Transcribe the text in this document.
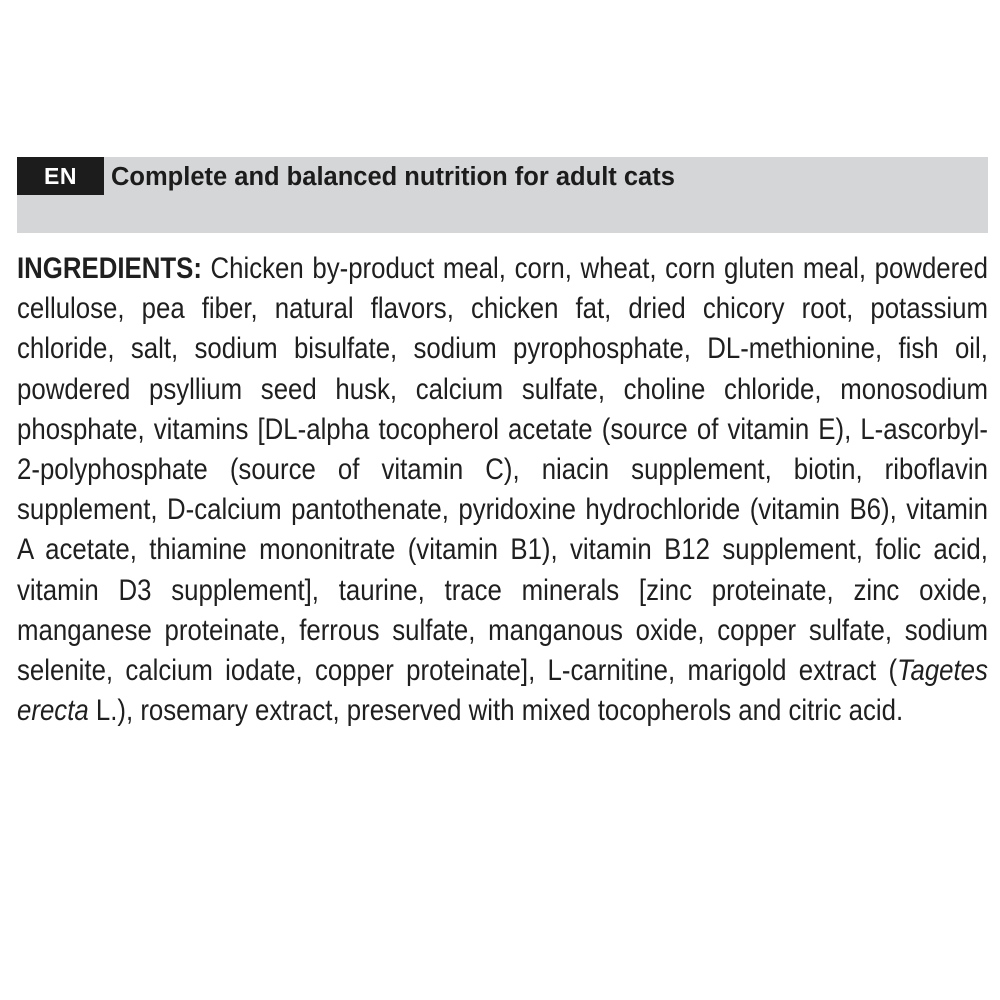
EN	Complete and balanced nutrition for adult cats

INGREDIENTS: Chicken by-product meal, corn, wheat, corn gluten meal, powdered cellulose, pea fiber, natural flavors, chicken fat, dried chicory root, potassium chloride, salt, sodium bisulfate, sodium pyrophosphate, DL-methionine, fish oil, powdered psyllium seed husk, calcium sulfate, choline chloride, monosodium phosphate, vitamins [DL-alpha tocopherol acetate (source of vitamin E), L-ascorbyl-2-polyphosphate (source of vitamin C), niacin supplement, biotin, riboflavin supplement, D-calcium pantothenate, pyridoxine hydrochloride (vitamin B6), vitamin A acetate, thiamine mononitrate (vitamin B1), vitamin B12 supplement, folic acid, vitamin D3 supplement], taurine, trace minerals [zinc proteinate, zinc oxide, manganese proteinate, ferrous sulfate, manganous oxide, copper sulfate, sodium selenite, calcium iodate, copper proteinate], L-carnitine, marigold extract (Tagetes erecta L.), rosemary extract, preserved with mixed tocopherols and citric acid.
